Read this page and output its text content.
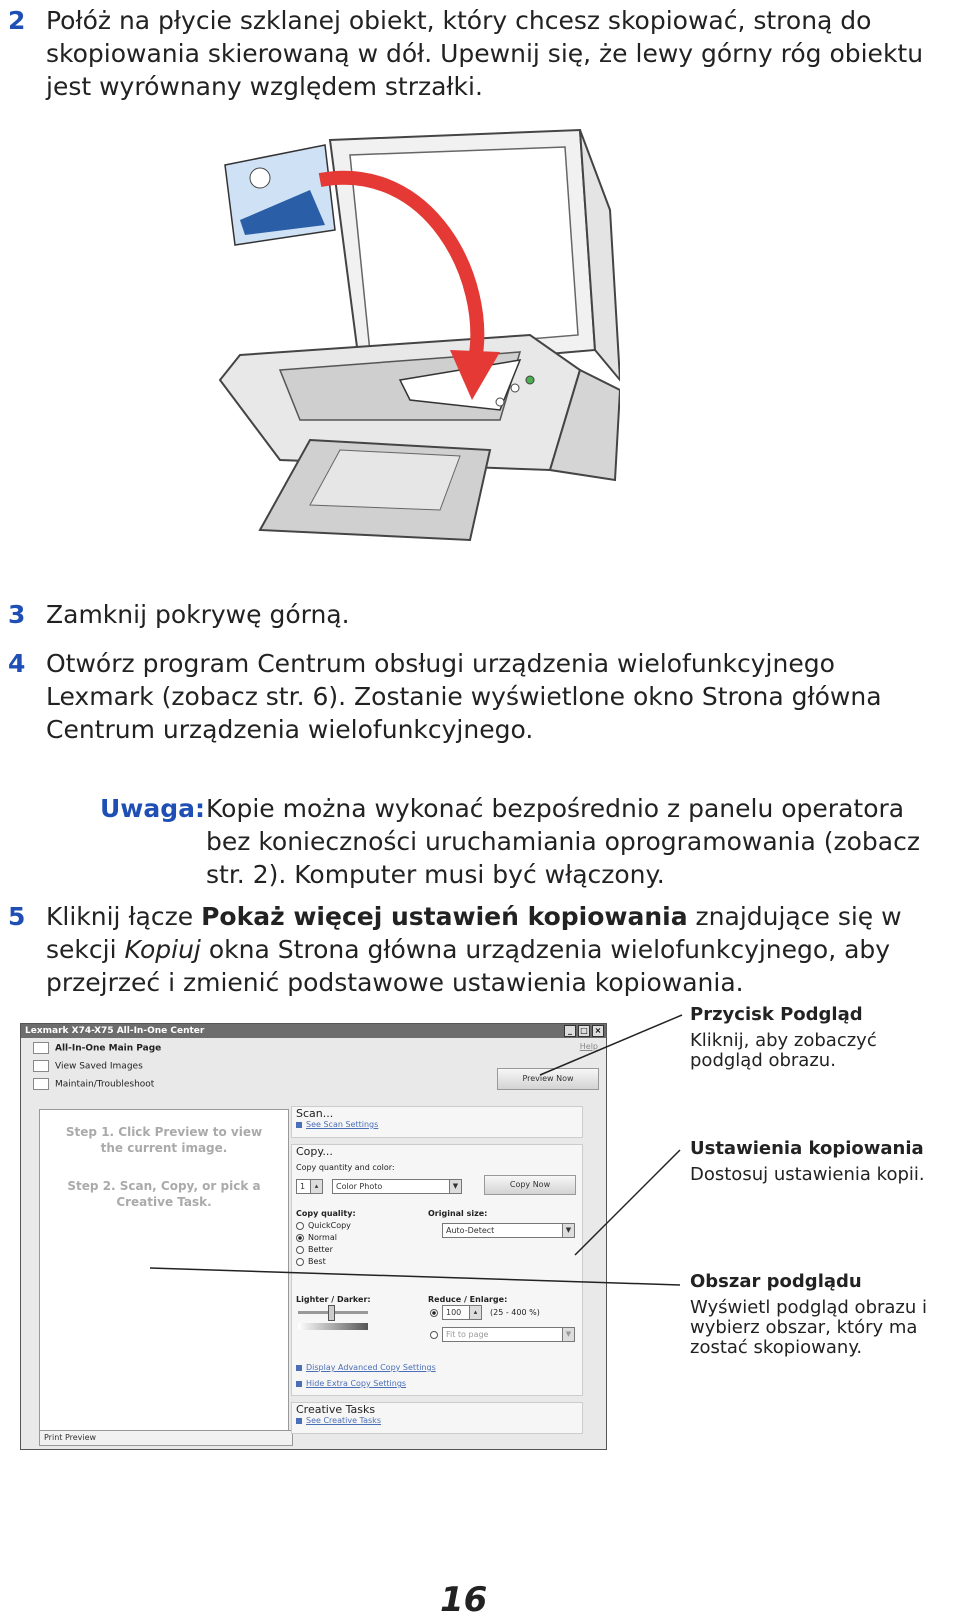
2 Połóż na płycie szklanej obiekt, który chcesz skopiować, stroną do skopiowania skierowaną w dół. Upewnij się, że lewy górny róg obiektu jest wyrównany względem strzałki.
3 Zamknij pokrywę górną.
4 Otwórz program Centrum obsługi urządzenia wielofunkcyjnego Lexmark (zobacz str. 6). Zostanie wyświetlone okno Strona główna Centrum urządzenia wielofunkcyjnego.
Uwaga: Kopie można wykonać bezpośrednio z panelu operatora bez konieczności uruchamiania oprogramowania (zobacz str. 2). Komputer musi być włączony.
5 Kliknij łącze Pokaż więcej ustawień kopiowania znajdujące się w sekcji Kopiuj okna Strona główna urządzenia wielofunkcyjnego, aby przejrzeć i zmienić podstawowe ustawienia kopiowania.
Lexmark X74-X75 All-In-One Center	_	□ ×
All-In-One Main Page
View Saved Images
Maintain/Troubleshoot
Help
Preview Now
Step 1. Click Preview to view the current image.
Step 2. Scan, Copy, or pick a Creative Task.
Print Preview
Scan...
See Scan Settings
Copy...
Copy quantity and color:
1	▴	Color Photo	▼	Copy Now
Copy quality:
QuickCopy
Normal
Better
Best
Original size:
Auto-Detect	▼
Lighter / Darker:	Reduce / Enlarge:
100	▴	(25 - 400 %)
Fit to page	▼
Display Advanced Copy Settings
Hide Extra Copy Settings
Creative Tasks
See Creative Tasks
Przycisk Podgląd
Kliknij, aby zobaczyć podgląd obrazu.
Ustawienia kopiowania
Dostosuj ustawienia kopii.
Obszar podglądu
Wyświetl podgląd obrazu i wybierz obszar, który ma zostać skopiowany.
16
